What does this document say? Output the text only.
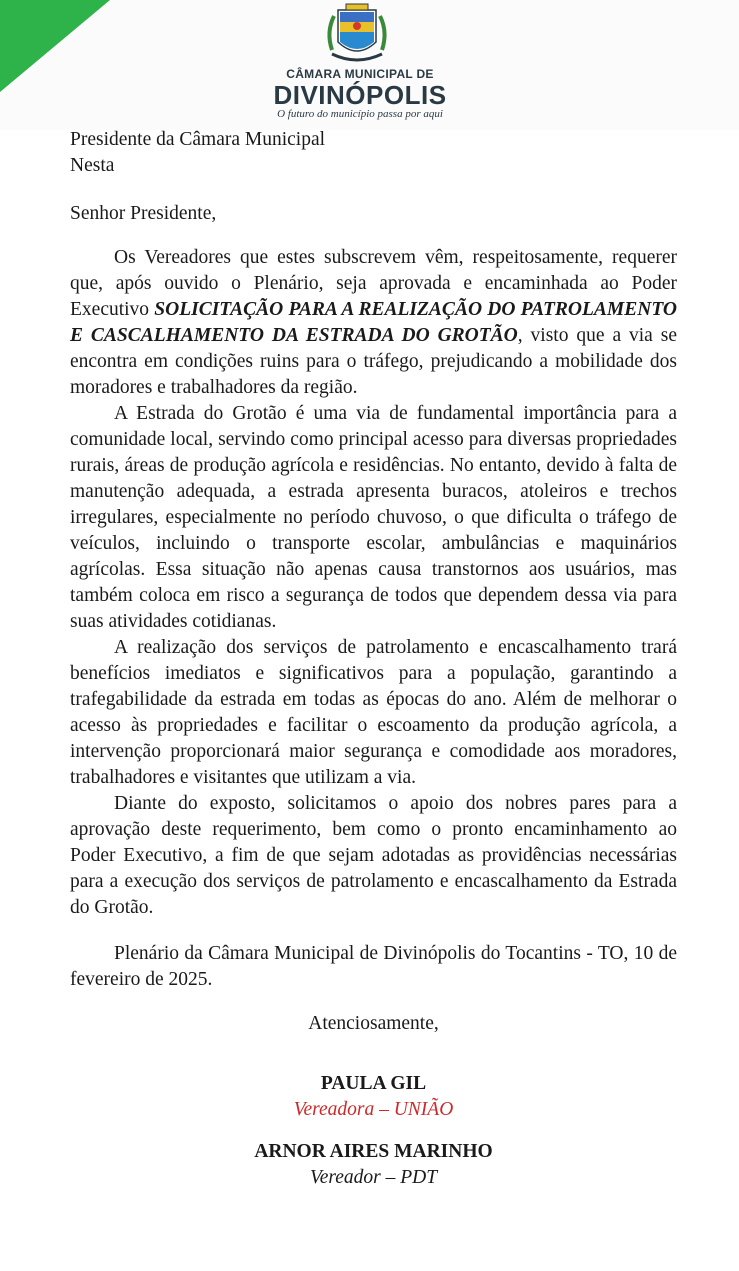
CÂMARA MUNICIPAL DE
DIVINÓPOLIS
O futuro do município passa por aqui

Presidente da Câmara Municipal

Nesta

Senhor Presidente,

Os Vereadores que estes subscrevem vêm, respeitosamente, requerer que, após ouvido o Plenário, seja aprovada e encaminhada ao Poder Executivo SOLICITAÇÃO PARA A REALIZAÇÃO DO PATROLAMENTO E CASCALHAMENTO DA ESTRADA DO GROTÃO, visto que a via se encontra em condições ruins para o tráfego, prejudicando a mobilidade dos moradores e trabalhadores da região.

A Estrada do Grotão é uma via de fundamental importância para a comunidade local, servindo como principal acesso para diversas propriedades rurais, áreas de produção agrícola e residências. No entanto, devido à falta de manutenção adequada, a estrada apresenta buracos, atoleiros e trechos irregulares, especialmente no período chuvoso, o que dificulta o tráfego de veículos, incluindo o transporte escolar, ambulâncias e maquinários agrícolas. Essa situação não apenas causa transtornos aos usuários, mas também coloca em risco a segurança de todos que dependem dessa via para suas atividades cotidianas.

A realização dos serviços de patrolamento e encascalhamento trará benefícios imediatos e significativos para a população, garantindo a trafegabilidade da estrada em todas as épocas do ano. Além de melhorar o acesso às propriedades e facilitar o escoamento da produção agrícola, a intervenção proporcionará maior segurança e comodidade aos moradores, trabalhadores e visitantes que utilizam a via.

Diante do exposto, solicitamos o apoio dos nobres pares para a aprovação deste requerimento, bem como o pronto encaminhamento ao Poder Executivo, a fim de que sejam adotadas as providências necessárias para a execução dos serviços de patrolamento e encascalhamento da Estrada do Grotão.

Plenário da Câmara Municipal de Divinópolis do Tocantins - TO, 10 de fevereiro de 2025.

Atenciosamente,

PAULA GIL

Vereadora – UNIÃO

ARNOR AIRES MARINHO

Vereador – PDT
